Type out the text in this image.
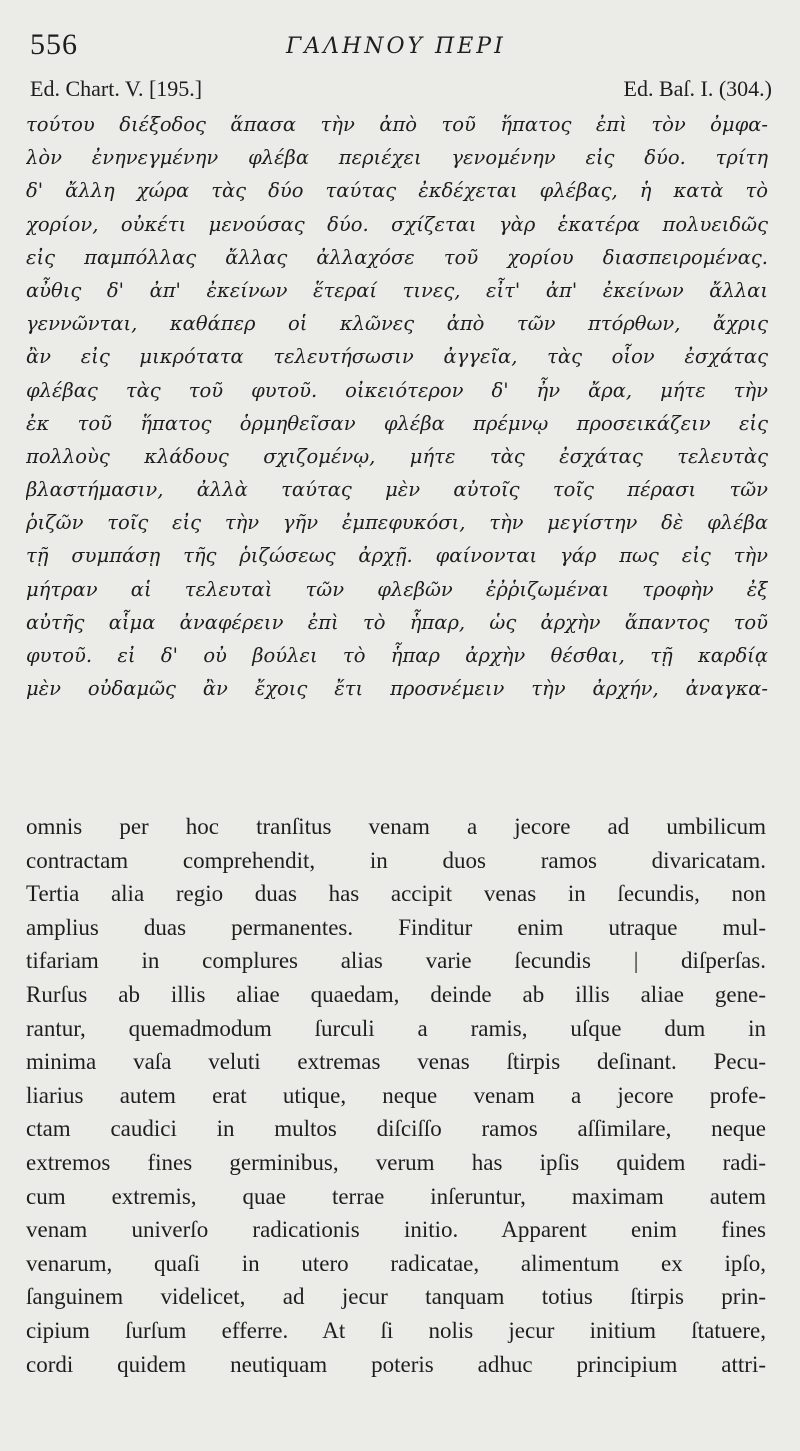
556	ΓΑΛΗΝΟΥ ΠΕΡΙ
Ed. Chart. V. [195.]	Ed. Baſ. I. (304.)
τούτου διέξοδος ἅπασα τὴν ἀπὸ τοῦ ἥπατος ἐπὶ τὸν ὀμφα-
λὸν ἐνηνεγμένην φλέβα περιέχει γενομένην εἰς δύο. τρίτη
δ' ἄλλη χώρα τὰς δύο ταύτας ἐκδέχεται φλέβας, ἡ κατὰ τὸ
χορίον, οὐκέτι μενούσας δύο. σχίζεται γὰρ ἑκατέρα πολυειδῶς
εἰς παμπόλλας ἄλλας ἀλλαχόσε τοῦ χορίου διασπειρομένας.
αὖθις δ' ἀπ' ἐκείνων ἕτεραί τινες, εἶτ' ἀπ' ἐκείνων ἄλλαι
γεννῶνται, καθάπερ οἱ κλῶνες ἀπὸ τῶν πτόρθων, ἄχρις
ἂν εἰς μικρότατα τελευτήσωσιν ἀγγεῖα, τὰς οἷον ἐσχάτας
φλέβας τὰς τοῦ φυτοῦ. οἰκειότερον δ' ἦν ἄρα, μήτε τὴν
ἐκ τοῦ ἥπατος ὁρμηθεῖσαν φλέβα πρέμνῳ προσεικάζειν εἰς
πολλοὺς κλάδους σχιζομένῳ, μήτε τὰς ἐσχάτας τελευτὰς
βλαστήμασιν, ἀλλὰ ταύτας μὲν αὐτοῖς τοῖς πέρασι τῶν
ῥιζῶν τοῖς εἰς τὴν γῆν ἐμπεφυκόσι, τὴν μεγίστην δὲ φλέβα
τῇ συμπάσῃ τῆς ῥιζώσεως ἀρχῇ. φαίνονται γάρ πως εἰς τὴν
μήτραν αἱ τελευταὶ τῶν φλεβῶν ἐῤῥιζωμέναι τροφὴν ἐξ
αὐτῆς αἷμα ἀναφέρειν ἐπὶ τὸ ἧπαρ, ὡς ἀρχὴν ἅπαντος τοῦ
φυτοῦ. εἰ δ' οὐ βούλει τὸ ἧπαρ ἀρχὴν θέσθαι, τῇ καρδίᾳ
μὲν οὐδαμῶς ἂν ἔχοις ἔτι προσνέμειν τὴν ἀρχήν, ἀναγκα-
omnis per hoc tranſitus venam a jecore ad umbilicum
contractam comprehendit, in duos ramos divaricatam.
Tertia alia regio duas has accipit venas in ſecundis, non
amplius duas permanentes. Finditur enim utraque mul-
tifariam in complures alias varie ſecundis | diſperſas.
Rurſus ab illis aliae quaedam, deinde ab illis aliae gene-
rantur, quemadmodum ſurculi a ramis, uſque dum in
minima vaſa veluti extremas venas ſtirpis deſinant. Pecu-
liarius autem erat utique, neque venam a jecore profe-
ctam caudici in multos diſciſſo ramos aſſimilare, neque
extremos fines germinibus, verum has ipſis quidem radi-
cum extremis, quae terrae inſeruntur, maximam autem
venam univerſo radicationis initio. Apparent enim fines
venarum, quaſi in utero radicatae, alimentum ex ipſo,
ſanguinem videlicet, ad jecur tanquam totius ſtirpis prin-
cipium ſurſum efferre. At ſi nolis jecur initium ſtatuere,
cordi quidem neutiquam poteris adhuc principium attri-
